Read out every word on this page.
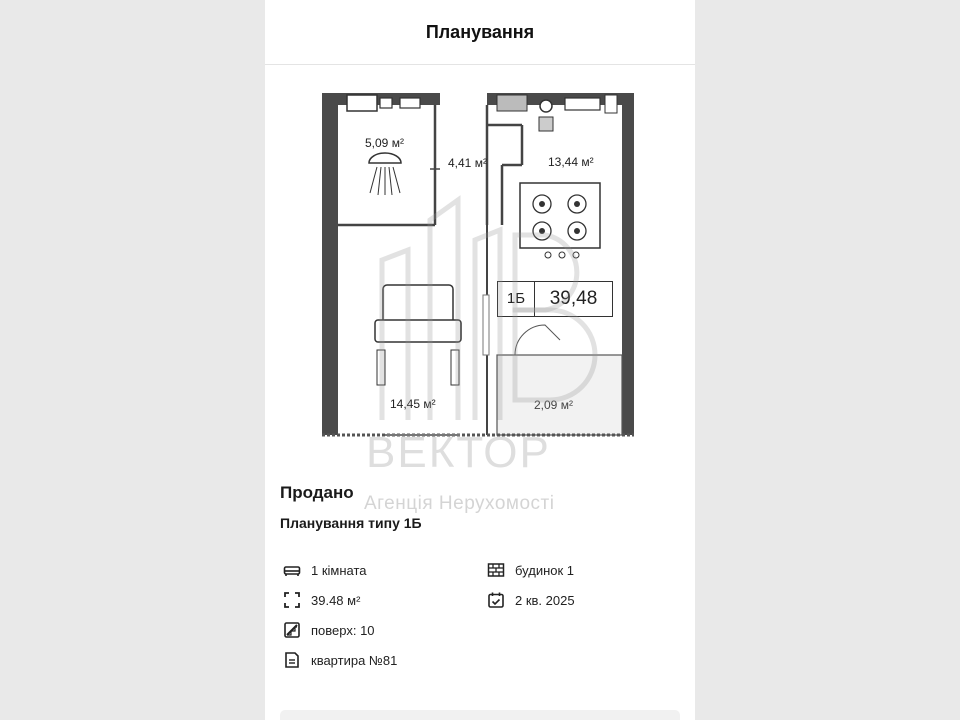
Планування
5,09 м²
4,41 м²	13,44 м²
14,45 м²	2,09 м²
1Б	39,48
Продано
Планування типу 1Б
1 кімната
39.48 м²
поверх: 10
квартира №81
будинок 1
2 кв. 2025
ВЕКТОР
Агенція Нерухомості
